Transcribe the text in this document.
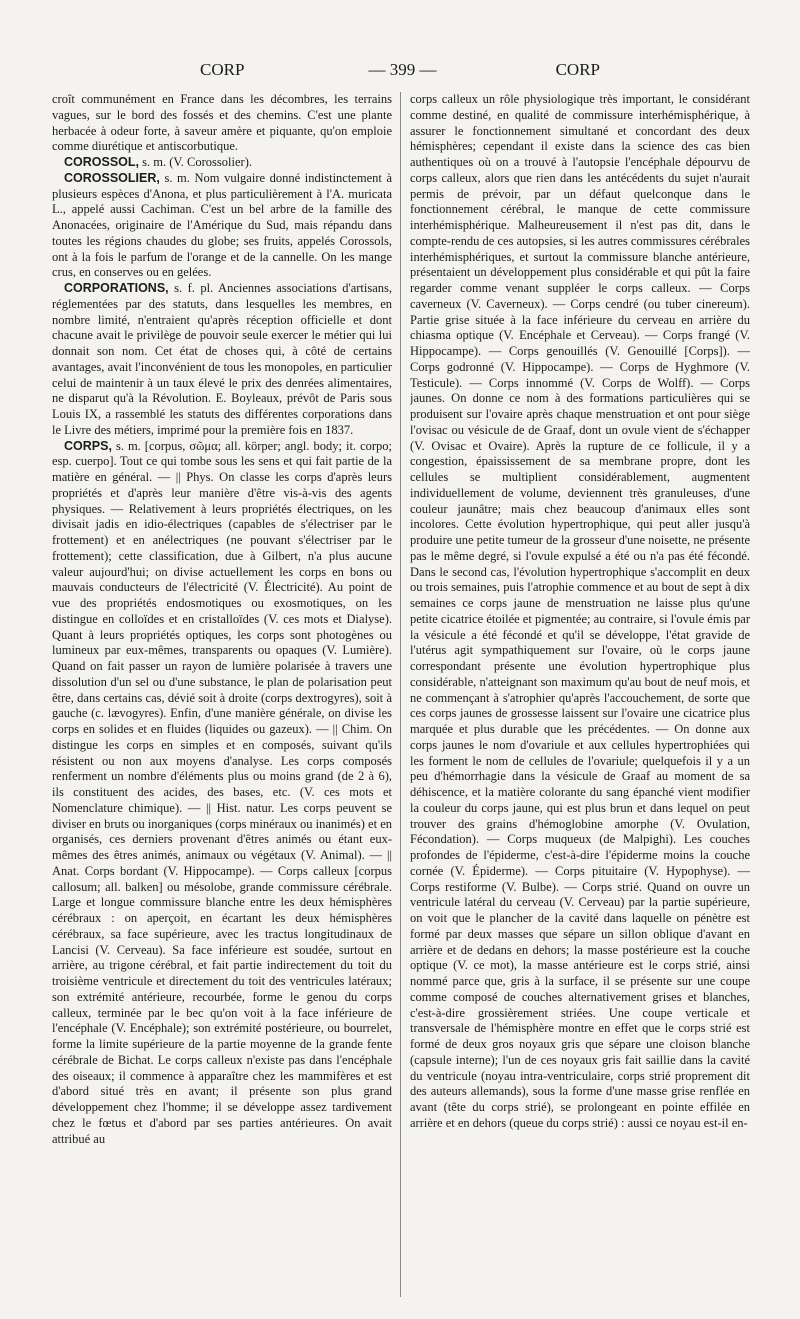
CORP	— 399 —	CORP

croît communément en France dans les décombres, les terrains vagues, sur le bord des fossés et des chemins. C'est une plante herbacée à odeur forte, à saveur amère et piquante, qu'on emploie comme diurétique et antiscorbutique.

COROSSOL, s. m. (V. Corossolier).

COROSSOLIER, s. m. Nom vulgaire donné indistinctement à plusieurs espèces d'Anona, et plus particulièrement à l'A. muricata L., appelé aussi Cachiman. C'est un bel arbre de la famille des Anonacées, originaire de l'Amérique du Sud, mais répandu dans toutes les régions chaudes du globe; ses fruits, appelés Corossols, ont à la fois le parfum de l'orange et de la cannelle. On les mange crus, en conserves ou en gelées.

CORPORATIONS, s. f. pl. Anciennes associations d'artisans, réglementées par des statuts, dans lesquelles les membres, en nombre limité, n'entraient qu'après réception officielle et dont chacune avait le privilège de pouvoir seule exercer le métier qui lui donnait son nom. Cet état de choses qui, à côté de certains avantages, avait l'inconvénient de tous les monopoles, en particulier celui de maintenir à un taux élevé le prix des denrées alimentaires, ne disparut qu'à la Révolution. E. Boyleaux, prévôt de Paris sous Louis IX, a rassemblé les statuts des différentes corporations dans le Livre des métiers, imprimé pour la première fois en 1837.

CORPS, s. m. [corpus, σῶμα; all. körper; angl. body; it. corpo; esp. cuerpo]. Tout ce qui tombe sous les sens et qui fait partie de la matière en général. — || Phys. On classe les corps d'après leurs propriétés et d'après leur manière d'être vis-à-vis des agents physiques. — Relativement à leurs propriétés électriques, on les divisait jadis en idio-électriques (capables de s'électriser par le frottement) et en anélectriques (ne pouvant s'électriser par le frottement); cette classification, due à Gilbert, n'a plus aucune valeur aujourd'hui; on divise actuellement les corps en bons ou mauvais conducteurs de l'électricité (V. Électricité). Au point de vue des propriétés endosmotiques ou exosmotiques, on les distingue en colloïdes et en cristalloïdes (V. ces mots et Dialyse). Quant à leurs propriétés optiques, les corps sont photogènes ou lumineux par eux-mêmes, transparents ou opaques (V. Lumière). Quand on fait passer un rayon de lumière polarisée à travers une dissolution d'un sel ou d'une substance, le plan de polarisation peut être, dans certains cas, dévié soit à droite (corps dextrogyres), soit à gauche (c. lævogyres). Enfin, d'une manière générale, on divise les corps en solides et en fluides (liquides ou gazeux). — || Chim. On distingue les corps en simples et en composés, suivant qu'ils résistent ou non aux moyens d'analyse. Les corps composés renferment un nombre d'éléments plus ou moins grand (de 2 à 6), ils constituent des acides, des bases, etc. (V. ces mots et Nomenclature chimique). — || Hist. natur. Les corps peuvent se diviser en bruts ou inorganiques (corps minéraux ou inanimés) et en organisés, ces derniers provenant d'êtres animés ou étant eux-mêmes des êtres animés, animaux ou végétaux (V. Animal). — || Anat. Corps bordant (V. Hippocampe). — Corps calleux [corpus callosum; all. balken] ou mésolobe, grande commissure cérébrale. Large et longue commissure blanche entre les deux hémisphères cérébraux : on aperçoit, en écartant les deux hémisphères cérébraux, sa face supérieure, avec les tractus longitudinaux de Lancisi (V. Cerveau). Sa face inférieure est soudée, surtout en arrière, au trigone cérébral, et fait partie indirectement du toit du troisième ventricule et directement du toit des ventricules latéraux; son extrémité antérieure, recourbée, forme le genou du corps calleux, terminée par le bec qu'on voit à la face inférieure de l'encéphale (V. Encéphale); son extrémité postérieure, ou bourrelet, forme la limite supérieure de la partie moyenne de la grande fente cérébrale de Bichat. Le corps calleux n'existe pas dans l'encéphale des oiseaux; il commence à apparaître chez les mammifères et est d'abord situé très en avant; il présente son plus grand développement chez l'homme; il se développe assez tardivement chez le fœtus et d'abord par ses parties antérieures. On avait attribué au

corps calleux un rôle physiologique très important, le considérant comme destiné, en qualité de commissure interhémisphérique, à assurer le fonctionnement simultané et concordant des deux hémisphères; cependant il existe dans la science des cas bien authentiques où on a trouvé à l'autopsie l'encéphale dépourvu de corps calleux, alors que rien dans les antécédents du sujet n'aurait permis de prévoir, par un défaut quelconque dans le fonctionnement cérébral, le manque de cette commissure interhémisphérique. Malheureusement il n'est pas dit, dans le compte-rendu de ces autopsies, si les autres commissures cérébrales interhémisphériques, et surtout la commissure blanche antérieure, présentaient un développement plus considérable et qui pût la faire regarder comme venant suppléer le corps calleux. — Corps caverneux (V. Caverneux). — Corps cendré (ou tuber cinereum). Partie grise située à la face inférieure du cerveau en arrière du chiasma optique (V. Encéphale et Cerveau). — Corps frangé (V. Hippocampe). — Corps genouillés (V. Genouillé [Corps]). — Corps godronné (V. Hippocampe). — Corps de Hyghmore (V. Testicule). — Corps innommé (V. Corps de Wolff). — Corps jaunes. On donne ce nom à des formations particulières qui se produisent sur l'ovaire après chaque menstruation et ont pour siège l'ovisac ou vésicule de de Graaf, dont un ovule vient de s'échapper (V. Ovisac et Ovaire). Après la rupture de ce follicule, il y a congestion, épaississement de sa membrane propre, dont les cellules se multiplient considérablement, augmentent individuellement de volume, deviennent très granuleuses, d'une couleur jaunâtre; mais chez beaucoup d'animaux elles sont incolores. Cette évolution hypertrophique, qui peut aller jusqu'à produire une petite tumeur de la grosseur d'une noisette, ne présente pas le même degré, si l'ovule expulsé a été ou n'a pas été fécondé. Dans le second cas, l'évolution hypertrophique s'accomplit en deux ou trois semaines, puis l'atrophie commence et au bout de sept à dix semaines ce corps jaune de menstruation ne laisse plus qu'une petite cicatrice étoilée et pigmentée; au contraire, si l'ovule émis par la vésicule a été fécondé et qu'il se développe, l'état gravide de l'utérus agit sympathiquement sur l'ovaire, où le corps jaune correspondant présente une évolution hypertrophique plus considérable, n'atteignant son maximum qu'au bout de neuf mois, et ne commençant à s'atrophier qu'après l'accouchement, de sorte que ces corps jaunes de grossesse laissent sur l'ovaire une cicatrice plus marquée et plus durable que les précédentes. — On donne aux corps jaunes le nom d'ovariule et aux cellules hypertrophiées qui les forment le nom de cellules de l'ovariule; quelquefois il y a un peu d'hémorrhagie dans la vésicule de Graaf au moment de sa déhiscence, et la matière colorante du sang épanché vient modifier la couleur du corps jaune, qui est plus brun et dans lequel on peut trouver des grains d'hémoglobine amorphe (V. Ovulation, Fécondation). — Corps muqueux (de Malpighi). Les couches profondes de l'épiderme, c'est-à-dire l'épiderme moins la couche cornée (V. Épiderme). — Corps pituitaire (V. Hypophyse). — Corps restiforme (V. Bulbe). — Corps strié. Quand on ouvre un ventricule latéral du cerveau (V. Cerveau) par la partie supérieure, on voit que le plancher de la cavité dans laquelle on pénètre est formé par deux masses que sépare un sillon oblique d'avant en arrière et de dedans en dehors; la masse postérieure est la couche optique (V. ce mot), la masse antérieure est le corps strié, ainsi nommé parce que, gris à la surface, il se présente sur une coupe comme composé de couches alternativement grises et blanches, c'est-à-dire grossièrement striées. Une coupe verticale et transversale de l'hémisphère montre en effet que le corps strié est formé de deux gros noyaux gris que sépare une cloison blanche (capsule interne); l'un de ces noyaux gris fait saillie dans la cavité du ventricule (noyau intra-ventriculaire, corps strié proprement dit des auteurs allemands), sous la forme d'une masse grise renflée en avant (tête du corps strié), se prolongeant en pointe effilée en arrière et en dehors (queue du corps strié) : aussi ce noyau est-il en-
